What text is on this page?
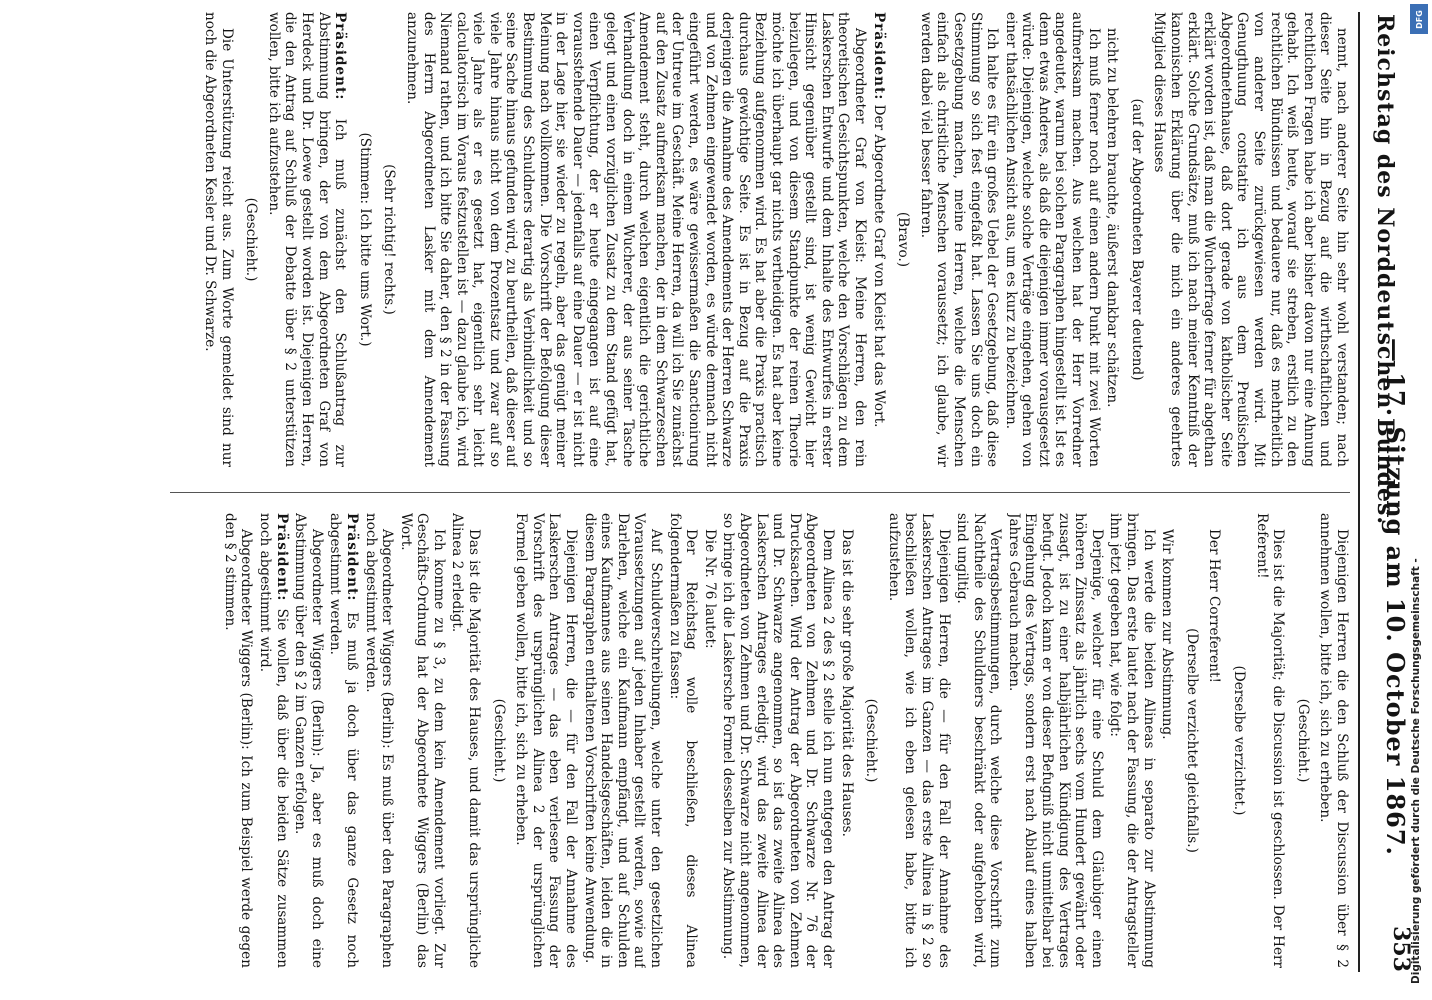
Reichstag des Norddeutschen Bundes.
— 17. Sitzung am 10. October 1867.
353

nennt, nach anderer Seite hin sehr wohl verstanden; nach dieser Seite hin in Bezug auf die wirthschaftlichen und rechtlichen Fragen habe ich aber bisher davon nur eine Ahnung gehabt. Ich weiß heute, worauf sie streben, erstlich zu den rechtlichen Bündnissen und bedauere nur, daß es mehrheitlich von anderer Seite zurückgewiesen werden wird. Mit Genugthuung constatire ich aus dem Preußischen Abgeordnetenhause, daß dort gerade von katholischer Seite erklärt worden ist, daß man die Wucherfrage ferner für abgethan erklärt. Solche Grundsätze, muß ich nach meiner Kenntniß der kanonischen Erklärung über die mich ein anderes geehrtes Mitglied dieses Hauses

(auf der Abgeordneten Bayerer deutend)

nicht zu belehren brauchte, äußerst dankbar schätzen.

Ich muß ferner noch auf einen andern Punkt mit zwei Worten aufmerksam machen. Aus welchen hat der Herr Vorredner angedeutet, warum bei solchen Paragraphen hingestellt ist. Ist es denn etwas Anderes, als daß die diejenigen immer vorausgesetzt würde: Diejenigen, welche solche Verträge eingehen, gehen von einer thatsächlichen Ansicht aus, um es kurz zu bezeichnen.

Ich halte es für ein großes Uebel der Gesetzgebung, daß diese Stimmung so sich fest eingefaßt hat. Lassen Sie uns doch ein Gesetzgebung machen, meine Herren, welche die Menschen einfach als christliche Menschen voraussetzt; ich glaube, wir werden dabei viel besser fahren.

(Bravo.)

Präsident: Der Abgeordnete Graf von Kleist hat das Wort.

Abgeordneter Graf von Kleist: Meine Herren, den rein theoretischen Gesichtspunkten, welche den Vorschlägen zu dem Laskerschen Entwurfe und dem Inhalte des Entwurfes in erster Hinsicht gegenüber gestellt sind, ist wenig Gewicht hier beizulegen, und von diesem Standpunkte der reinen Theorie möchte ich überhaupt gar nichts vertheidigen. Es hat aber keine Beziehung aufgenommen wird. Es hat aber die Praxis practisch durchaus gewichtige Seite. Es ist in Bezug auf die Praxis derjenigen die Annahme des Amendements der Herren Schwarze und von Zehmen eingewendet worden, es würde demnach nicht eingeführt werden, es wäre gewissermaßen die Sanctionirung der Untreue im Geschäft. Meine Herren, da will ich Sie zunächst auf den Zusatz aufmerksam machen, der in dem Schwarzeschen Amendement steht, durch welchen eigentlich die gerichtliche Verhandlung doch in einem Wucherer, der aus seiner Tasche gelegt und einen vorzüglichen Zusatz zu dem Stand gefügt hat, einen Verpflichtung, der er heute eingegangen ist auf eine vorausstehende Dauer — jedenfalls auf eine Dauer — er ist nicht in der Lage hier, sie wieder zu regeln, aber das genügt meiner Meinung nach vollkommen. Die Vorschrift der Befolgung dieser Bestimmung des Schuldners derartig als Verbindlichkeit und so seine Sache hinaus gefunden wird, zu beurtheilen, daß dieser auf viele Jahre hinaus nicht von dem Prozentsatz und zwar auf so viele Jahre als er es gesetzt hat, eigentlich sehr leicht calculatorisch im Voraus festzustellen ist — dazu glaube ich, wird Niemand rathen, und ich bitte Sie daher, den § 2 in der Fassung des Herrn Abgeordneten Lasker mit dem Amendement anzunehmen.

(Sehr richtig! rechts.)

(Stimmen: Ich bitte ums Wort.)

Präsident: Ich muß zunächst den Schlußantrag zur Abstimmung bringen, der von dem Abgeordneten Graf von Herdeck und Dr. Loewe gestellt worden ist. Diejenigen Herren, die den Antrag auf Schluß der Debatte über § 2 unterstützen wollen, bitte ich aufzustehen.

(Geschieht.)

Die Unterstützung reicht aus. Zum Worte gemeldet sind nur noch die Abgeordneten Kesler und Dr. Schwarze.

Diejenigen Herren die den Schluß der Discussion über § 2 annehmen wollen, bitte ich, sich zu erheben.

(Geschieht.)

Dies ist die Majorität; die Discussion ist geschlossen. Der Herr Referent!

(Derselbe verzichtet.)

Der Herr Correferent!

(Derselbe verzichtet gleichfalls.)

Wir kommen zur Abstimmung.

Ich werde die beiden Alineas in separato zur Abstimmung bringen. Das erste lautet nach der Fassung, die der Antragsteller ihm jetzt gegeben hat, wie folgt:

Derjenige, welcher für eine Schuld dem Gläubiger einen höheren Zinssatz als jährlich sechs vom Hundert gewährt oder zusagt, ist zu einer halbjährlichen Kündigung des Vertrages befugt. Jedoch kann er von dieser Befugniß nicht unmittelbar bei Eingehung des Vertrags, sondern erst nach Ablauf eines halben Jahres Gebrauch machen.

Vertragsbestimmungen, durch welche diese Vorschrift zum Nachtheile des Schuldners beschränkt oder aufgehoben wird, sind ungiltig.

Diejenigen Herren, die — für den Fall der Annahme des Laskerschen Antrages im Ganzen — das erste Alinea in § 2 so beschließen wollen, wie ich eben gelesen habe, bitte ich aufzustehen.

(Geschieht.)

Das ist die sehr große Majorität des Hauses.

Dem Alinea 2 des § 2 stelle ich nun entgegen den Antrag der Abgeordneten von Zehmen und Dr. Schwarze Nr. 76 der Drucksachen. Wird der Antrag der Abgeordneten von Zehmen und Dr. Schwarze angenommen, so ist das zweite Alinea des Laskerschen Antrages erledigt; wird das zweite Alinea der Abgeordneten von Zehmen und Dr. Schwarze nicht angenommen, so bringe ich die Laskersche Formel desselben zur Abstimmung.

Die Nr. 76 lautet:

Der Reichstag wolle beschließen, dieses Alinea folgendermaßen zu fassen:

Auf Schuldverschreibungen, welche unter den gesetzlichen Voraussetzungen auf jeden Inhaber gestellt werden, sowie auf Darlehen, welche ein Kaufmann empfängt, und auf Schulden eines Kaufmannes aus seinen Handelsgeschäften, leiden die in diesem Paragraphen enthaltenen Vorschriften keine Anwendung.

Diejenigen Herren, die — für den Fall der Annahme des Laskerschen Antrages — das eben verlesene Fassung der Vorschrift des ursprünglichen Alinea 2 der ursprünglichen Formel geben wollen, bitte ich, sich zu erheben.

(Geschieht.)

Das ist die Majorität des Hauses, und damit das ursprüngliche Alinea 2 erledigt.

Ich komme zu § 3, zu dem kein Amendement vorliegt. Zur Geschäfts-Ordnung hat der Abgeordnete Wiggers (Berlin) das Wort.

Abgeordneter Wiggers (Berlin): Es muß über den Paragraphen noch abgestimmt werden.

Präsident: Es muß ja doch über das ganze Gesetz noch abgestimmt werden.

Abgeordneter Wiggers (Berlin): Ja, aber es muß doch eine Abstimmung über den § 2 im Ganzen erfolgen.

Präsident: Sie wollen, daß über die beiden Sätze zusammen noch abgestimmt wird.

Abgeordneter Wiggers (Berlin): Ich zum Beispiel werde gegen den § 2 stimmen.

DFG
Digitalisierung gefördert durch die Deutsche Forschungsgemeinschaft -
